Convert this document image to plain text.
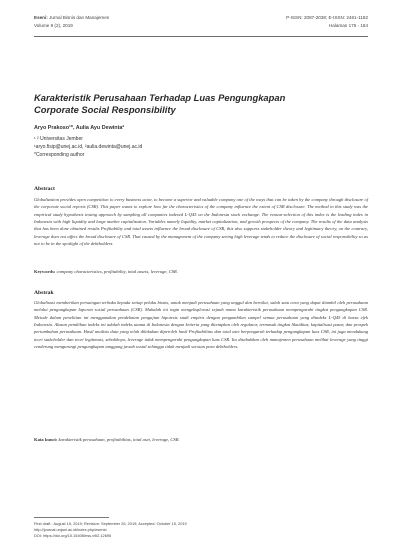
Eseni: Jurnal Bisnis dan Manajemen
Volume 9 (2), 2019
P-ISSN: 2087-2038; E-ISSN: 2461-1182
Halaman 175 - 184
Karakteristik Perusahaan Terhadap Luas Pengungkapan
Corporate Social Responsibility
Aryo Prakoso¹*, Aulia Ayu Dewinta²
¹ ² Universitas Jember
¹aryo.fisip@unej.ac.id, ²aulia.dewinta@unej.ac.id
*Corresponding author
Abstract
Globalization provides open competition to every business actor, to become a superior and valuable company one of the ways that can be taken by the company through disclosure of the corporate social reports (CSR). This paper wants to explore how far the characteristics of the company influence the extent of CSR disclosure. The method in this study was the empirical study hypothesis testing approach by sampling all companies indexed L-Q45 on the Indonesia stock exchange. The reason-selection of this index is the leading index in Indonesia with high liquidity and large market capitalization. Variables namely liquidity, market capitalization, and growth prospects of the company. The results of the data analysis that has been done obtained results Profitability and total assets influence the broad disclosure of CSR, this also supports stakeholder theory and legitimacy theory, on the contrary, leverage does not affect the broad disclosure of CSR. That caused by the management of the company seeing high leverage tends to reduce the disclosure of social responsibility so as not to be in the spotlight of the debtholders.
Keywords: company characteristics, profitability, total assets, leverage, CSR.
Abstrak
Globalisasi memberikan persaingan terbuka kepada setiap pelaku bisnis, untuk menjadi perusahaan yang unggul dan bernilai, salah satu cara yang dapat diambil oleh perusahaan melalui pengungkapan laporan sosial perusahaan (CSR). Makalah ini ingin mengeksplorasi sejauh mana karakteristik perusahaan mempengaruhi tingkat pengungkapan CSR. Metode dalam penelitian ini menggunakan pendekatan pengujian hipotesis studi empiris dengan pengambilan sampel semua perusahaan yang diindeks L-Q45 di bursa efek Indonesia. Alasan pemilihan indeks ini adalah indeks utama di Indonesia dengan kriteria yang ditetapkan oleh regulator, termasuk tingkat likuiditas, kapitalisasi pasar, dan prospek pertumbuhan perusahaan. Hasil analisis data yang telah dilakukan diperoleh hasil Profitabilitas dan total aset berpengaruh terhadap pengungkapan luas CSR, ini juga mendukung teori stakeholder dan teori legitimasi, sebaliknya, leverage tidak mempengaruhi pengungkapan luas CSR. Itu disebabkan oleh manajemen perusahaan melihat leverage yang tinggi cenderung mengurangi pengungkapan tanggung jawab sosial sehingga tidak menjadi sorotan para debtholders.
Kata kunci: karakteristik perusahaan, profitabilitas, total aset, leverage, CSR.
First draft : August 15, 2019; Revision: September 26, 2019; Accepted: October 15, 2019
http://journal.unjani.ac.id/index.php/esensi
DOI: https://doi.org/10.15408/ess.v9i2.12695
